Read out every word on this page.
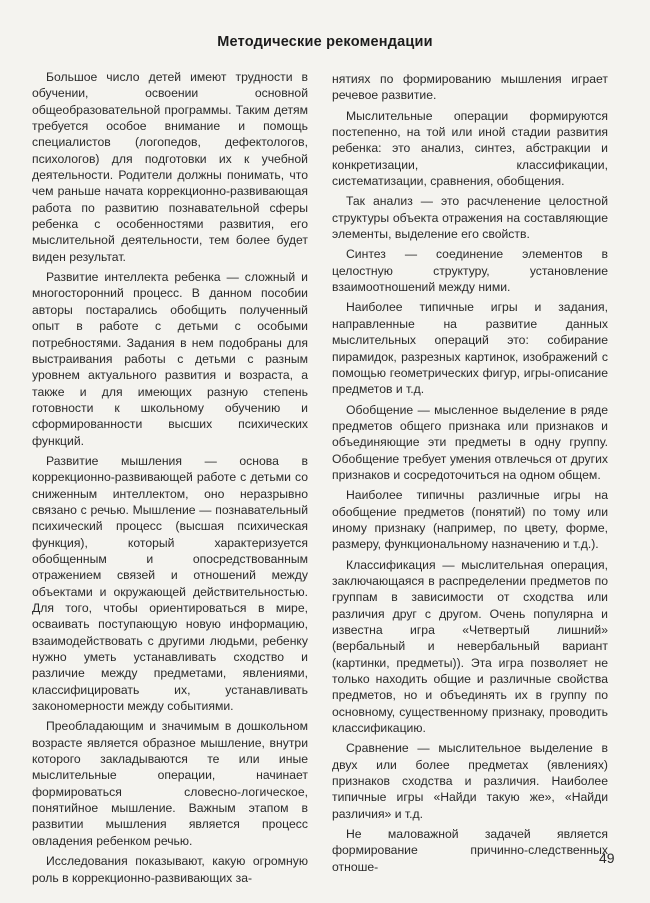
Методические рекомендации

Большое число детей имеют трудности в обучении, освоении основной общеобразовательной программы. Таким детям требуется особое внимание и помощь специалистов (логопедов, дефектологов, психологов) для подготовки их к учебной деятельности. Родители должны понимать, что чем раньше начата коррекционно-развивающая работа по развитию познавательной сферы ребенка с особенностями развития, его мыслительной деятельности, тем более будет виден результат.

Развитие интеллекта ребенка — сложный и многосторонний процесс. В данном пособии авторы постарались обобщить полученный опыт в работе с детьми с особыми потребностями. Задания в нем подобраны для выстраивания работы с детьми с разным уровнем актуального развития и возраста, а также и для имеющих разную степень готовности к школьному обучению и сформированности высших психических функций.

Развитие мышления — основа в коррекционно-развивающей работе с детьми со сниженным интеллектом, оно неразрывно связано с речью. Мышление — познавательный психический процесс (высшая психическая функция), который характеризуется обобщенным и опосредствованным отражением связей и отношений между объектами и окружающей действительностью. Для того, чтобы ориентироваться в мире, осваивать поступающую новую информацию, взаимодействовать с другими людьми, ребенку нужно уметь устанавливать сходство и различие между предметами, явлениями, классифицировать их, устанавливать закономерности между событиями.

Преобладающим и значимым в дошкольном возрасте является образное мышление, внутри которого закладываются те или иные мыслительные операции, начинает формироваться словесно-логическое, понятийное мышление. Важным этапом в развитии мышления является процесс овладения ребенком речью.

Исследования показывают, какую огромную роль в коррекционно-развивающих за-

нятиях по формированию мышления играет речевое развитие.

Мыслительные операции формируются постепенно, на той или иной стадии развития ребенка: это анализ, синтез, абстракции и конкретизации, классификации, систематизации, сравнения, обобщения.

Так анализ — это расчленение целостной структуры объекта отражения на составляющие элементы, выделение его свойств.

Синтез — соединение элементов в целостную структуру, установление взаимоотношений между ними.

Наиболее типичные игры и задания, направленные на развитие данных мыслительных операций это: собирание пирамидок, разрезных картинок, изображений с помощью геометрических фигур, игры-описание предметов и т.д.

Обобщение — мысленное выделение в ряде предметов общего признака или признаков и объединяющие эти предметы в одну группу. Обобщение требует умения отвлечься от других признаков и сосредоточиться на одном общем.

Наиболее типичны различные игры на обобщение предметов (понятий) по тому или иному признаку (например, по цвету, форме, размеру, функциональному назначению и т.д.).

Классификация — мыслительная операция, заключающаяся в распределении предметов по группам в зависимости от сходства или различия друг с другом. Очень популярна и известна игра «Четвертый лишний» (вербальный и невербальный вариант (картинки, предметы)). Эта игра позволяет не только находить общие и различные свойства предметов, но и объединять их в группу по основному, существенному признаку, проводить классификацию.

Сравнение — мыслительное выделение в двух или более предметах (явлениях) признаков сходства и различия. Наиболее типичные игры «Найди такую же», «Найди различия» и т.д.

Не маловажной задачей является формирование причинно-следственных отноше-

49
